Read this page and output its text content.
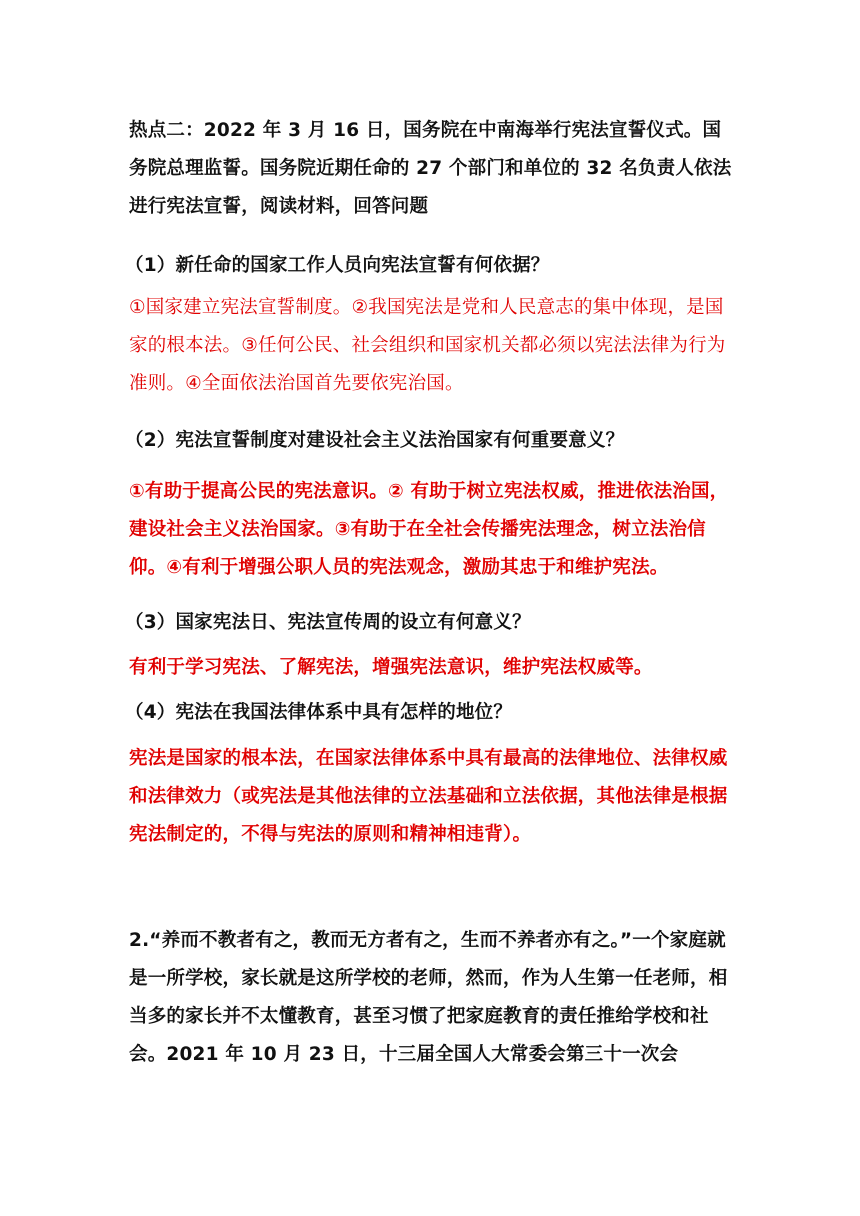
热点二：2022 年 3 月 16 日，国务院在中南海举行宪法宣誓仪式。国务院总理监誓。国务院近期任命的 27 个部门和单位的 32 名负责人依法进行宪法宣誓，阅读材料，回答问题

（1）新任命的国家工作人员向宪法宣誓有何依据？

①国家建立宪法宣誓制度。②我国宪法是党和人民意志的集中体现，是国家的根本法。③任何公民、社会组织和国家机关都必须以宪法法律为行为准则。④全面依法治国首先要依宪治国。

（2）宪法宣誓制度对建设社会主义法治国家有何重要意义？

①有助于提高公民的宪法意识。② 有助于树立宪法权威，推进依法治国，建设社会主义法治国家。③有助于在全社会传播宪法理念，树立法治信仰。④有利于增强公职人员的宪法观念，激励其忠于和维护宪法。

（3）国家宪法日、宪法宣传周的设立有何意义？

有利于学习宪法、了解宪法，增强宪法意识，维护宪法权威等。

（4）宪法在我国法律体系中具有怎样的地位？

宪法是国家的根本法，在国家法律体系中具有最高的法律地位、法律权威和法律效力（或宪法是其他法律的立法基础和立法依据，其他法律是根据宪法制定的，不得与宪法的原则和精神相违背）。

2.“养而不教者有之，教而无方者有之，生而不养者亦有之。”一个家庭就是一所学校，家长就是这所学校的老师，然而，作为人生第一任老师，相当多的家长并不太懂教育，甚至习惯了把家庭教育的责任推给学校和社会。2021 年 10 月 23 日，十三届全国人大常委会第三十一次会
